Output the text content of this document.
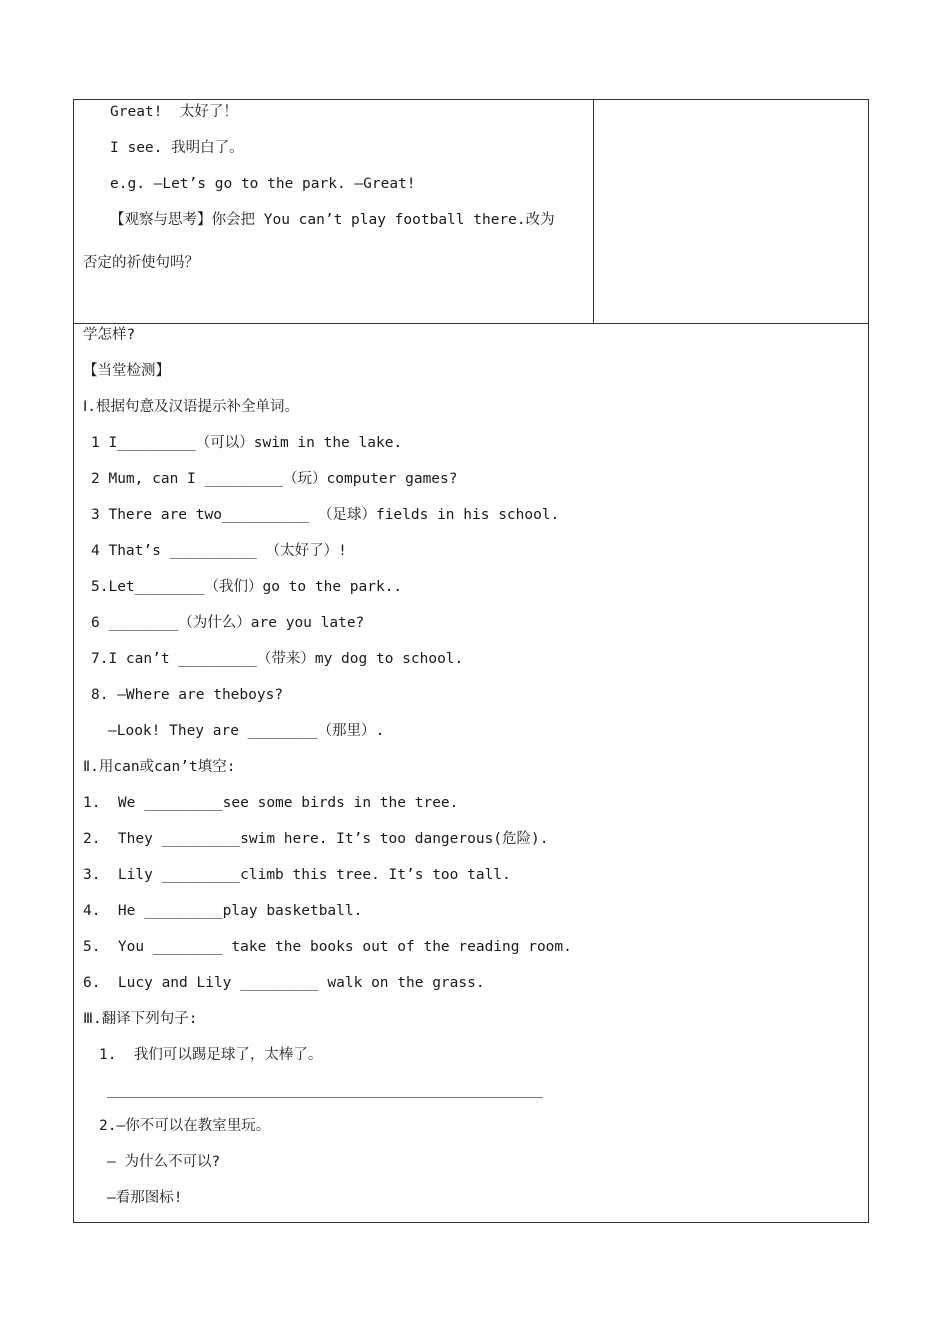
Great!  太好了！
I see. 我明白了。
e.g. —Let’s go to the park. —Great!
【观察与思考】你会把 You can’t play football there.改为
否定的祈使句吗？
学怎样?
【当堂检测】
Ⅰ.根据句意及汉语提示补全单词。
1 I_________（可以）swim in the lake.
2 Mum, can I _________（玩）computer games?
3 There are two__________ （足球）fields in his school.
4 That’s __________ （太好了）!
5.Let________（我们）go to the park..
6 ________（为什么）are you late?
7.I can’t _________（带来）my dog to school.
8. —Where are theboys?
—Look! They are ________（那里）.
Ⅱ.用can或can’t填空:
1.  We _________see some birds in the tree.
2.  They _________swim here. It’s too dangerous(危险).
3.  Lily _________climb this tree. It’s too tall.
4.  He _________play basketball.
5.  You ________ take the books out of the reading room.
6.  Lucy and Lily _________ walk on the grass.
Ⅲ.翻译下列句子:
1.  我们可以踢足球了，太棒了。
2.—你不可以在教室里玩。
— 为什么不可以?
—看那图标!
